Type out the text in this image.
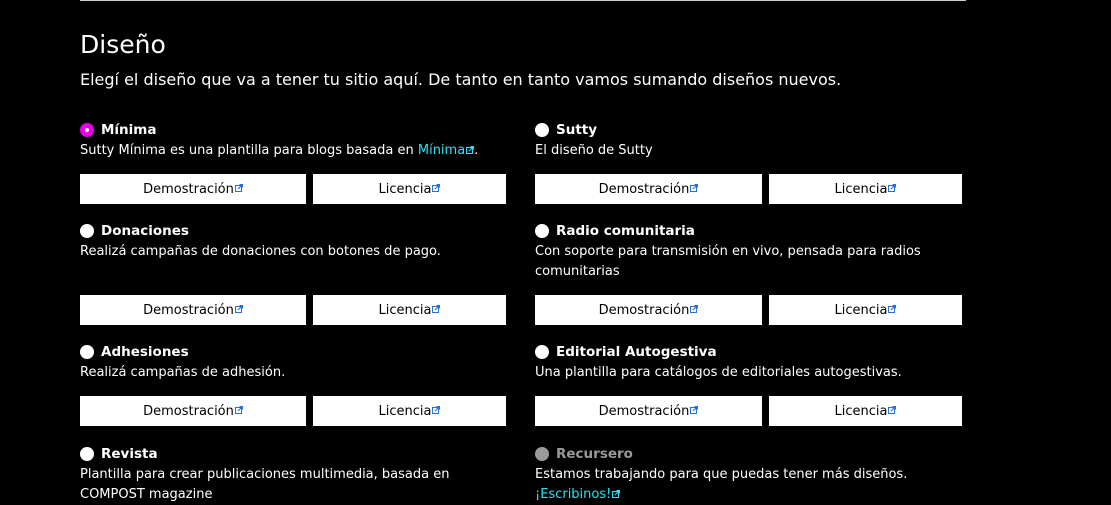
Diseño

Elegí el diseño que va a tener tu sitio aquí. De tanto en tanto vamos sumando diseños nuevos.

Mínima
Sutty Mínima es una plantilla para blogs basada en Mínima .
Demostración	Licencia
Sutty
El diseño de Sutty
Demostración	Licencia
Donaciones
Realizá campañas de donaciones con botones de pago.
Demostración	Licencia
Radio comunitaria
Con soporte para transmisión en vivo, pensada para radios comunitarias
Demostración	Licencia
Adhesiones
Realizá campañas de adhesión.
Demostración	Licencia
Editorial Autogestiva
Una plantilla para catálogos de editoriales autogestivas.
Demostración	Licencia
Revista
Plantilla para crear publicaciones multimedia, basada en COMPOST magazine
Recursero
Estamos trabajando para que puedas tener más diseños.
¡Escribinos!
